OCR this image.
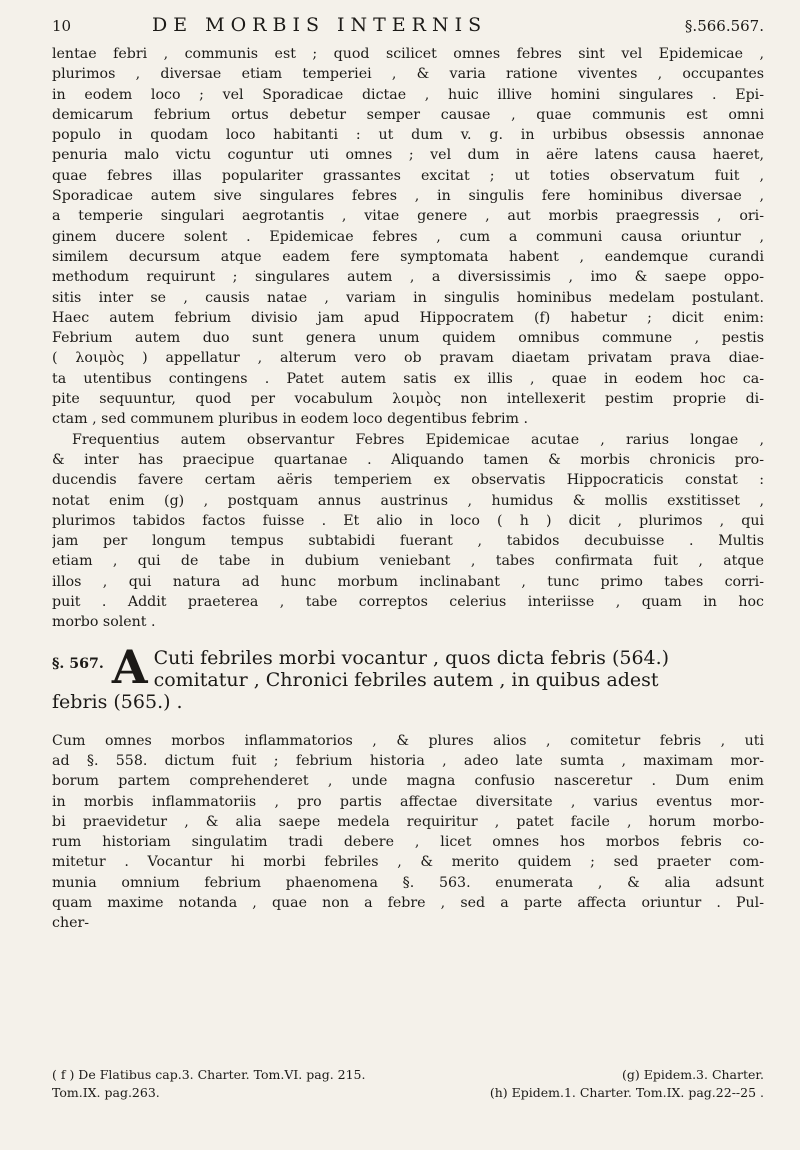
10	DE MORBIS INTERNIS	§.566.567.

lentae febri , communis est ; quod scilicet omnes febres sint vel Epidemicae ,
plurimos , diversae etiam temperiei , & varia ratione viventes , occupantes
in eodem loco ; vel Sporadicae dictae , huic illive homini singulares . Epi-
demicarum febrium ortus debetur semper causae , quae communis est omni
populo in quodam loco habitanti : ut dum v. g. in urbibus obsessis annonae
penuria malo victu coguntur uti omnes ; vel dum in aëre latens causa haeret,
quae febres illas populariter grassantes excitat ; ut toties observatum fuit ,
Sporadicae autem sive singulares febres , in singulis fere hominibus diversae ,
a temperie singulari aegrotantis , vitae genere , aut morbis praegressis , ori-
ginem ducere solent . Epidemicae febres , cum a communi causa oriuntur ,
similem decursum atque eadem fere symptomata habent , eandemque curandi
methodum requirunt ; singulares autem , a diversissimis , imo & saepe oppo-
sitis inter se , causis natae , variam in singulis hominibus medelam postulant.
Haec autem febrium divisio jam apud Hippocratem (f) habetur ; dicit enim:
Febrium autem duo sunt genera unum quidem omnibus commune , pestis
( λοιμὸς ) appellatur , alterum vero ob pravam diaetam privatam prava diae-
ta utentibus contingens . Patet autem satis ex illis , quae in eodem hoc ca-
pite sequuntur, quod per vocabulum λοιμὸς non intellexerit pestim proprie di-
ctam , sed communem pluribus in eodem loco degentibus febrim .

Frequentius autem observantur Febres Epidemicae acutae , rarius longae ,
& inter has praecipue quartanae . Aliquando tamen & morbis chronicis pro-
ducendis favere certam aëris temperiem ex observatis Hippocraticis constat :
notat enim (g) , postquam annus austrinus , humidus & mollis exstitisset ,
plurimos tabidos factos fuisse . Et alio in loco ( h ) dicit , plurimos , qui
jam per longum tempus subtabidi fuerant , tabidos decubuisse . Multis
etiam , qui de tabe in dubium veniebant , tabes confirmata fuit , atque
illos , qui natura ad hunc morbum inclinabant , tunc primo tabes corri-
puit . Addit praeterea , tabe correptos celerius interiisse , quam in hoc
morbo solent .

§. 567. A Cuti febriles morbi vocantur , quos dicta febris (564.)
comitatur , Chronici febriles autem , in quibus adest
febris (565.) .

Cum omnes morbos inflammatorios , & plures alios , comitetur febris , uti
ad §. 558. dictum fuit ; febrium historia , adeo late sumta , maximam mor-
borum partem comprehenderet , unde magna confusio nasceretur . Dum enim
in morbis inflammatoriis , pro partis affectae diversitate , varius eventus mor-
bi praevidetur , & alia saepe medela requiritur , patet facile , horum morbo-
rum historiam singulatim tradi debere , licet omnes hos morbos febris co-
mitetur . Vocantur hi morbi febriles , & merito quidem ; sed praeter com-
munia omnium febrium phaenomena §. 563. enumerata , & alia adsunt
quam maxime notanda , quae non a febre , sed a parte affecta oriuntur . Pul-
cher-

( f ) De Flatibus cap.3. Charter. Tom.VI. pag. 215.	(g) Epidem.3. Charter.
Tom.IX. pag.263.	(h) Epidem.1. Charter. Tom.IX. pag.22--25 .
